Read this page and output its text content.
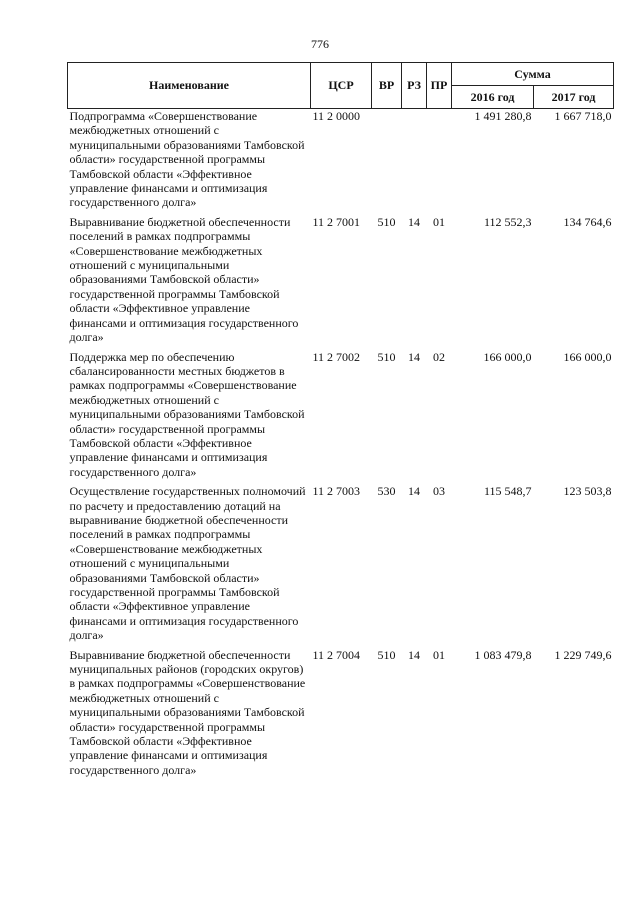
776
Наименование	ЦСР	ВР	РЗ	ПР	Сумма	
					2016 год	2017 год
Подпрограмма «Совершенствование межбюджетных отношений с муниципальными образованиями Тамбовской области» государственной программы Тамбовской области «Эффективное управление финансами и оптимизация государственного долга»	11 2 0000				1 491 280,8	1 667 718,0
Выравнивание бюджетной обеспеченности поселений в рамках подпрограммы «Совершенствование межбюджетных отношений с муниципальными образованиями Тамбовской области» государственной программы Тамбовской области «Эффективное управление финансами и оптимизация государственного долга»	11 2 7001	510	14	01	112 552,3	134 764,6
Поддержка мер по обеспечению сбалансированности местных бюджетов в рамках подпрограммы «Совершенствование межбюджетных отношений с муниципальными образованиями Тамбовской области» государственной программы Тамбовской области «Эффективное управление финансами и оптимизация государственного долга»	11 2 7002	510	14	02	166 000,0	166 000,0
Осуществление государственных полномочий по расчету и предоставлению дотаций на выравнивание бюджетной обеспеченности поселений в рамках подпрограммы «Совершенствование межбюджетных отношений с муниципальными образованиями Тамбовской области» государственной программы Тамбовской области «Эффективное управление финансами и оптимизация государственного долга»	11 2 7003	530	14	03	115 548,7	123 503,8
Выравнивание бюджетной обеспеченности муниципальных районов (городских округов) в рамках подпрограммы «Совершенствование межбюджетных отношений с муниципальными образованиями Тамбовской области» государственной программы Тамбовской области «Эффективное управление финансами и оптимизация государственного долга»	11 2 7004	510	14	01	1 083 479,8	1 229 749,6
